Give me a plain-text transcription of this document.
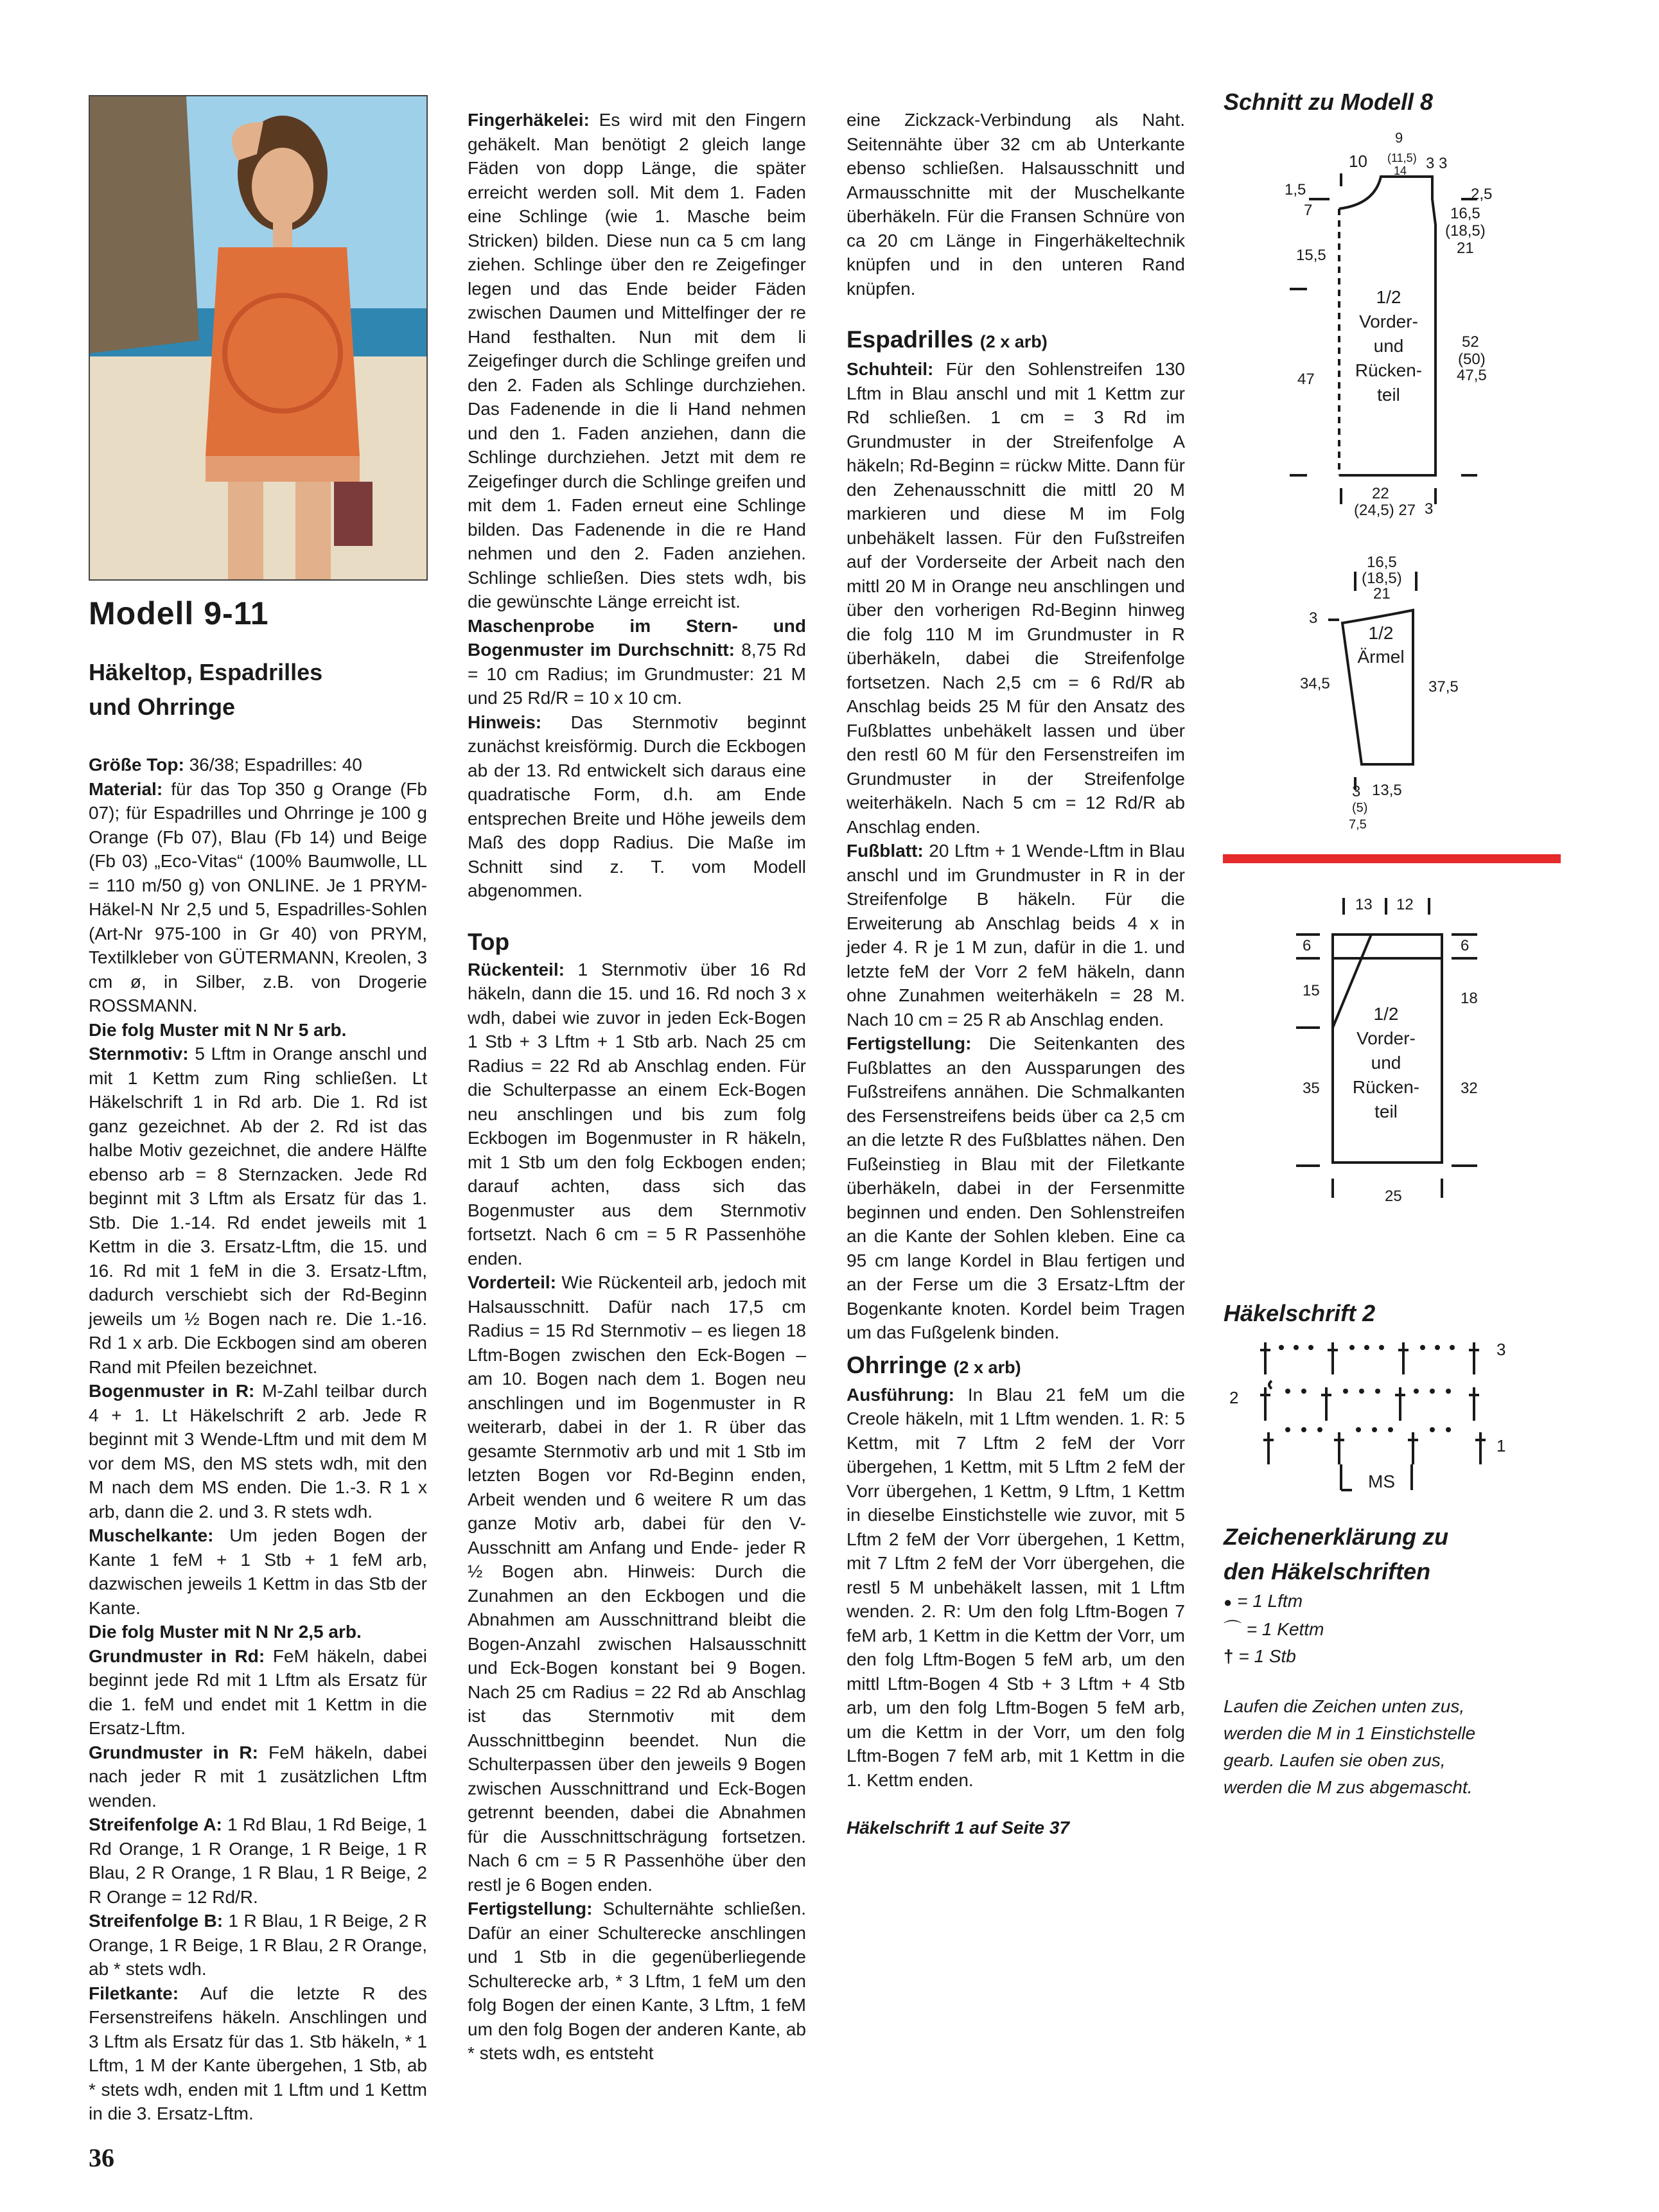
Modell 9-11
Häkeltop, Espadrilles
und Ohrringe

Größe Top: 36/38; Espadrilles: 40

Material: für das Top 350 g Orange (Fb 07); für Espadrilles und Ohrringe je 100 g Orange (Fb 07), Blau (Fb 14) und Beige (Fb 03) „Eco-Vitas“ (100% Baumwolle, LL = 110 m/50 g) von ONLINE. Je 1 PRYM-Häkel-N Nr 2,5 und 5, Espadrilles-Sohlen (Art-Nr 975-100 in Gr 40) von PRYM, Textilkleber von GÜTERMANN, Kreolen, 3 cm ø, in Silber, z.B. von Drogerie ROSSMANN.

Die folg Muster mit N Nr 5 arb.

Sternmotiv: 5 Lftm in Orange anschl und mit 1 Kettm zum Ring schließen. Lt Häkelschrift 1 in Rd arb. Die 1. Rd ist ganz gezeichnet. Ab der 2. Rd ist das halbe Motiv gezeichnet, die andere Hälfte ebenso arb = 8 Sternzacken. Jede Rd beginnt mit 3 Lftm als Ersatz für das 1. Stb. Die 1.-14. Rd endet jeweils mit 1 Kettm in die 3. Ersatz-Lftm, die 15. und 16. Rd mit 1 feM in die 3. Ersatz-Lftm, dadurch verschiebt sich der Rd-Beginn jeweils um ½ Bogen nach re. Die 1.-16. Rd 1 x arb. Die Eckbogen sind am oberen Rand mit Pfeilen bezeichnet.

Bogenmuster in R: M-Zahl teilbar durch 4 + 1. Lt Häkelschrift 2 arb. Jede R beginnt mit 3 Wende-Lftm und mit dem M vor dem MS, den MS stets wdh, mit den M nach dem MS enden. Die 1.-3. R 1 x arb, dann die 2. und 3. R stets wdh.

Muschelkante: Um jeden Bogen der Kante 1 feM + 1 Stb + 1 feM arb, dazwischen jeweils 1 Kettm in das Stb der Kante.

Die folg Muster mit N Nr 2,5 arb.

Grundmuster in Rd: FeM häkeln, dabei beginnt jede Rd mit 1 Lftm als Ersatz für die 1. feM und endet mit 1 Kettm in die Ersatz-Lftm.

Grundmuster in R: FeM häkeln, dabei nach jeder R mit 1 zusätzlichen Lftm wenden.

Streifenfolge A: 1 Rd Blau, 1 Rd Beige, 1 Rd Orange, 1 R Orange, 1 R Beige, 1 R Blau, 2 R Orange, 1 R Blau, 1 R Beige, 2 R Orange = 12 Rd/R.

Streifenfolge B: 1 R Blau, 1 R Beige, 2 R Orange, 1 R Beige, 1 R Blau, 2 R Orange, ab * stets wdh.

Filetkante: Auf die letzte R des Fersenstreifens häkeln. Anschlingen und 3 Lftm als Ersatz für das 1. Stb häkeln, * 1 Lftm, 1 M der Kante übergehen, 1 Stb, ab * stets wdh, enden mit 1 Lftm und 1 Kettm in die 3. Ersatz-Lftm.

Fingerhäkelei: Es wird mit den Fingern gehäkelt. Man benötigt 2 gleich lange Fäden von dopp Länge, die später erreicht werden soll. Mit dem 1. Faden eine Schlinge (wie 1. Masche beim Stricken) bilden. Diese nun ca 5 cm lang ziehen. Schlinge über den re Zeigefinger legen und das Ende beider Fäden zwischen Daumen und Mittelfinger der re Hand festhalten. Nun mit dem li Zeigefinger durch die Schlinge greifen und den 2. Faden als Schlinge durchziehen. Das Fadenende in die li Hand nehmen und den 1. Faden anziehen, dann die Schlinge durchziehen. Jetzt mit dem re Zeigefinger durch die Schlinge greifen und mit dem 1. Faden erneut eine Schlinge bilden. Das Fadenende in die re Hand nehmen und den 2. Faden anziehen. Schlinge schließen. Dies stets wdh, bis die gewünschte Länge erreicht ist.

Maschenprobe im Stern- und Bogenmuster im Durchschnitt: 8,75 Rd = 10 cm Radius; im Grundmuster: 21 M und 25 Rd/R = 10 x 10 cm.

Hinweis: Das Sternmotiv beginnt zunächst kreisförmig. Durch die Eckbogen ab der 13. Rd entwickelt sich daraus eine quadratische Form, d.h. am Ende entsprechen Breite und Höhe jeweils dem Maß des dopp Radius. Die Maße im Schnitt sind z. T. vom Modell abgenommen.

Top

Rückenteil: 1 Sternmotiv über 16 Rd häkeln, dann die 15. und 16. Rd noch 3 x wdh, dabei wie zuvor in jeden Eck-Bogen 1 Stb + 3 Lftm + 1 Stb arb. Nach 25 cm Radius = 22 Rd ab Anschlag enden. Für die Schulterpasse an einem Eck-Bogen neu anschlingen und bis zum folg Eckbogen im Bogenmuster in R häkeln, mit 1 Stb um den folg Eckbogen enden; darauf achten, dass sich das Bogenmuster aus dem Sternmotiv fortsetzt. Nach 6 cm = 5 R Passenhöhe enden.

Vorderteil: Wie Rückenteil arb, jedoch mit Halsausschnitt. Dafür nach 17,5 cm Radius = 15 Rd Sternmotiv – es liegen 18 Lftm-Bogen zwischen den Eck-Bogen – am 10. Bogen nach dem 1. Bogen neu anschlingen und im Bogenmuster in R weiterarb, dabei in der 1. R über das gesamte Sternmotiv arb und mit 1 Stb im letzten Bogen vor Rd-Beginn enden, Arbeit wenden und 6 weitere R um das ganze Motiv arb, dabei für den V-Ausschnitt am Anfang und Ende- jeder R ½ Bogen abn. Hinweis: Durch die Zunahmen an den Eckbogen und die Abnahmen am Ausschnittrand bleibt die Bogen-Anzahl zwischen Halsausschnitt und Eck-Bogen konstant bei 9 Bogen. Nach 25 cm Radius = 22 Rd ab Anschlag ist das Sternmotiv mit dem Ausschnittbeginn beendet. Nun die Schulterpassen über den jeweils 9 Bogen zwischen Ausschnittrand und Eck-Bogen getrennt beenden, dabei die Abnahmen für die Ausschnittschrägung fortsetzen. Nach 6 cm = 5 R Passenhöhe über den restl je 6 Bogen enden.

Fertigstellung: Schulternähte schließen. Dafür an einer Schulterecke anschlingen und 1 Stb in die gegenüberliegende Schulterecke arb, * 3 Lftm, 1 feM um den folg Bogen der einen Kante, 3 Lftm, 1 feM um den folg Bogen der anderen Kante, ab * stets wdh, es entsteht

eine Zickzack-Verbindung als Naht. Seitennähte über 32 cm ab Unterkante ebenso schließen. Halsausschnitt und Armausschnitte mit der Muschelkante überhäkeln. Für die Fransen Schnüre von ca 20 cm Länge in Fingerhäkeltechnik knüpfen und in den unteren Rand knüpfen.

Espadrilles (2 x arb)

Schuhteil: Für den Sohlenstreifen 130 Lftm in Blau anschl und mit 1 Kettm zur Rd schließen. 1 cm = 3 Rd im Grundmuster in der Streifenfolge A häkeln; Rd-Beginn = rückw Mitte. Dann für den Zehenausschnitt die mittl 20 M markieren und diese M im Folg unbehäkelt lassen. Für den Fußstreifen auf der Vorderseite der Arbeit nach den mittl 20 M in Orange neu anschlingen und über den vorherigen Rd-Beginn hinweg die folg 110 M im Grundmuster in R überhäkeln, dabei die Streifenfolge fortsetzen. Nach 2,5 cm = 6 Rd/R ab Anschlag beids 25 M für den Ansatz des Fußblattes unbehäkelt lassen und über den restl 60 M für den Fersenstreifen im Grundmuster in der Streifenfolge weiterhäkeln. Nach 5 cm = 12 Rd/R ab Anschlag enden.

Fußblatt: 20 Lftm + 1 Wende-Lftm in Blau anschl und im Grundmuster in R in der Streifenfolge B häkeln. Für die Erweiterung ab Anschlag beids 4 x in jeder 4. R je 1 M zun, dafür in die 1. und letzte feM der Vorr 2 feM häkeln, dann ohne Zunahmen weiterhäkeln = 28 M. Nach 10 cm = 25 R ab Anschlag enden.

Fertigstellung: Die Seitenkanten des Fußblattes an den Aussparungen des Fußstreifens annähen. Die Schmalkanten des Fersenstreifens beids über ca 2,5 cm an die letzte R des Fußblattes nähen. Den Fußeinstieg in Blau mit der Filetkante überhäkeln, dabei in der Fersenmitte beginnen und enden. Den Sohlenstreifen an die Kante der Sohlen kleben. Eine ca 95 cm lange Kordel in Blau fertigen und an der Ferse um die 3 Ersatz-Lftm der Bogenkante knoten. Kordel beim Tragen um das Fußgelenk binden.

Ohrringe (2 x arb)

Ausführung: In Blau 21 feM um die Creole häkeln, mit 1 Lftm wenden. 1. R: 5 Kettm, mit 7 Lftm 2 feM der Vorr übergehen, 1 Kettm, mit 5 Lftm 2 feM der Vorr übergehen, 1 Kettm, 9 Lftm, 1 Kettm in dieselbe Einstichstelle wie zuvor, mit 5 Lftm 2 feM der Vorr übergehen, 1 Kettm, mit 7 Lftm 2 feM der Vorr übergehen, die restl 5 M unbehäkelt lassen, mit 1 Lftm wenden. 2. R: Um den folg Lftm-Bogen 7 feM arb, 1 Kettm in die Kettm der Vorr, um den folg Lftm-Bogen 5 feM arb, um den mittl Lftm-Bogen 4 Stb + 3 Lftm + 4 Stb arb, um den folg Lftm-Bogen 5 feM arb, um die Kettm in der Vorr, um den folg Lftm-Bogen 7 feM arb, mit 1 Kettm in die 1. Kettm enden.

Häkelschrift 1 auf Seite 37

Schnitt zu Modell 8
9
10 (11,5)
14 3 3
1,5
7
2,5
16,5
(18,5)
21
15,5
52
(50)
47,5
47
22
(24,5) 27 3
1/2
Vorder-
und
Rücken-
teil
16,5
(18,5)
21
3
34,5	37,5
13,5
3
(5)
7,5
1/2
Ärmel
13 12
6	6
15	18
35	32
25
1/2
Vorder-
und
Rücken-
teil
Häkelschrift 2
3
2
1
MS
Zeichenerklärung zu
den Häkelschriften
● = 1 Lftm
⌒ = 1 Kettm
† = 1 Stb
Laufen die Zeichen unten zus,
werden die M in 1 Einstichstelle
gearb. Laufen sie oben zus,
werden die M zus abgemascht.
36
